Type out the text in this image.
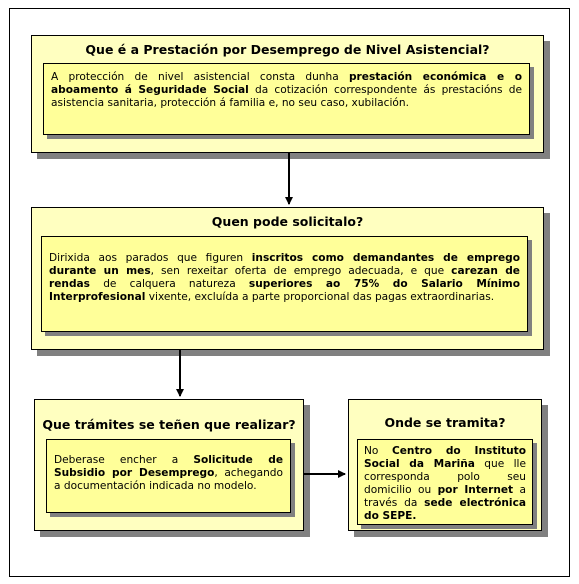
Que é a Prestación por Desemprego de Nivel Asistencial?
A protección de nivel asistencial consta dunha prestación económica e o aboamento á Seguridade Social da cotización correspondente ás prestacións de asistencia sanitaria, protección á familia e, no seu caso, xubilación.
Quen pode solicitalo?
Dirixida aos parados que figuren inscritos como demandantes de emprego durante un mes, sen rexeitar oferta de emprego adecuada, e que carezan de rendas de calquera natureza superiores ao 75% do Salario Mínimo Interprofesional vixente, excluída a parte proporcional das pagas extraordinarias.
Que trámites se teñen que realizar?
Deberase encher a Solicitude de Subsidio por Desemprego, achegando a documentación indicada no modelo.
Onde se tramita?
No Centro do Instituto Social da Mariña que lle corresponda polo seu domicilio ou por Internet a través da sede electrónica do SEPE.
